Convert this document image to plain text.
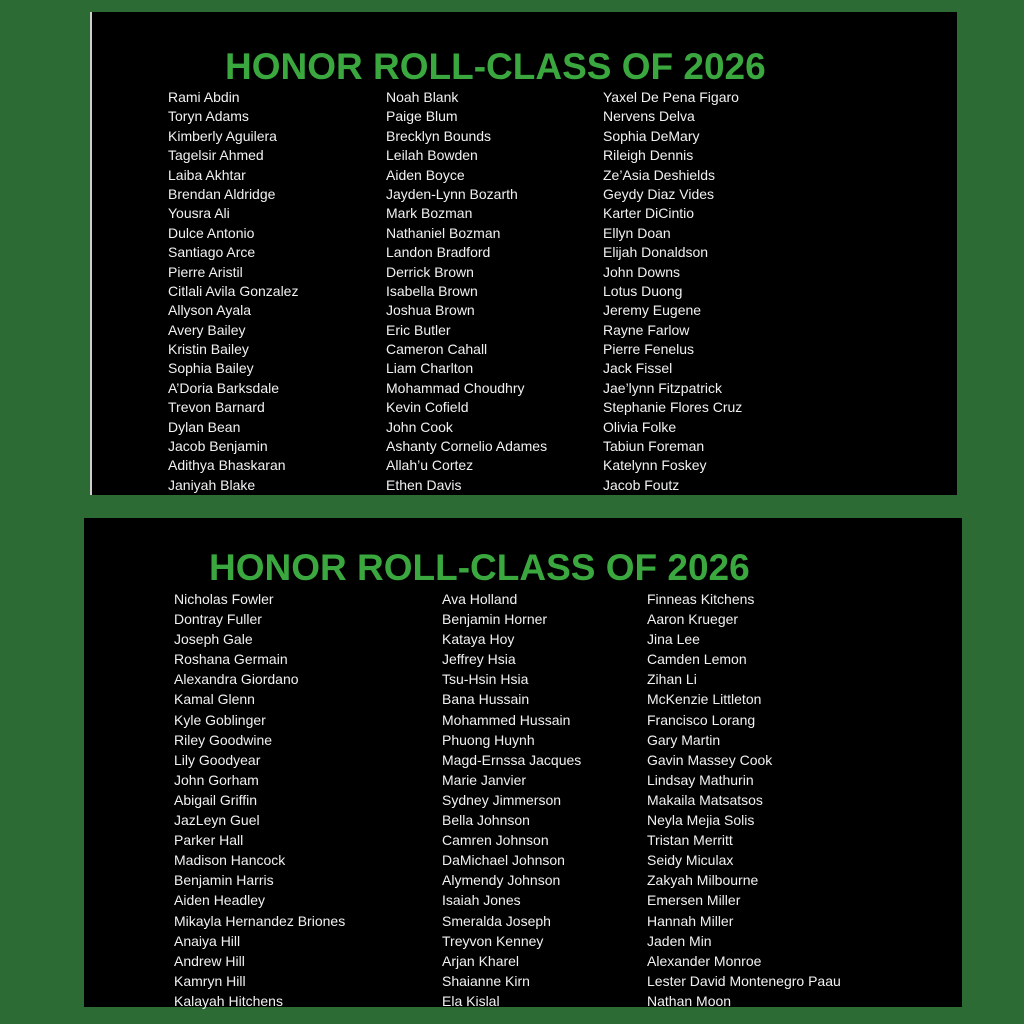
HONOR ROLL-CLASS OF 2026
Rami Abdin
Toryn Adams
Kimberly Aguilera
Tagelsir Ahmed
Laiba Akhtar
Brendan Aldridge
Yousra Ali
Dulce Antonio
Santiago Arce
Pierre Aristil
Citlali Avila Gonzalez
Allyson Ayala
Avery Bailey
Kristin Bailey
Sophia Bailey
A’Doria Barksdale
Trevon Barnard
Dylan Bean
Jacob Benjamin
Adithya Bhaskaran
Janiyah Blake
Noah Blank
Paige Blum
Brecklyn Bounds
Leilah Bowden
Aiden Boyce
Jayden-Lynn Bozarth
Mark Bozman
Nathaniel Bozman
Landon Bradford
Derrick Brown
Isabella Brown
Joshua Brown
Eric Butler
Cameron Cahall
Liam Charlton
Mohammad Choudhry
Kevin Cofield
John Cook
Ashanty Cornelio Adames
Allah’u Cortez
Ethen Davis
Yaxel De Pena Figaro
Nervens Delva
Sophia DeMary
Rileigh Dennis
Ze’Asia Deshields
Geydy Diaz Vides
Karter DiCintio
Ellyn Doan
Elijah Donaldson
John Downs
Lotus Duong
Jeremy Eugene
Rayne Farlow
Pierre Fenelus
Jack Fissel
Jae’lynn Fitzpatrick
Stephanie Flores Cruz
Olivia Folke
Tabiun Foreman
Katelynn Foskey
Jacob Foutz
HONOR ROLL-CLASS OF 2026
Nicholas Fowler
Dontray Fuller
Joseph Gale
Roshana Germain
Alexandra Giordano
Kamal Glenn
Kyle Goblinger
Riley Goodwine
Lily Goodyear
John Gorham
Abigail Griffin
JazLeyn Guel
Parker Hall
Madison Hancock
Benjamin Harris
Aiden Headley
Mikayla Hernandez Briones
Anaiya Hill
Andrew Hill
Kamryn Hill
Kalayah Hitchens
Ava Holland
Benjamin Horner
Kataya Hoy
Jeffrey Hsia
Tsu-Hsin Hsia
Bana Hussain
Mohammed Hussain
Phuong Huynh
Magd-Ernssa Jacques
Marie Janvier
Sydney Jimmerson
Bella Johnson
Camren Johnson
DaMichael Johnson
Alymendy Johnson
Isaiah Jones
Smeralda Joseph
Treyvon Kenney
Arjan Kharel
Shaianne Kirn
Ela Kislal
Finneas Kitchens
Aaron Krueger
Jina Lee
Camden Lemon
Zihan Li
McKenzie Littleton
Francisco Lorang
Gary Martin
Gavin Massey Cook
Lindsay Mathurin
Makaila Matsatsos
Neyla Mejia Solis
Tristan Merritt
Seidy Miculax
Zakyah Milbourne
Emersen Miller
Hannah Miller
Jaden Min
Alexander Monroe
Lester David Montenegro Paau
Nathan Moon
